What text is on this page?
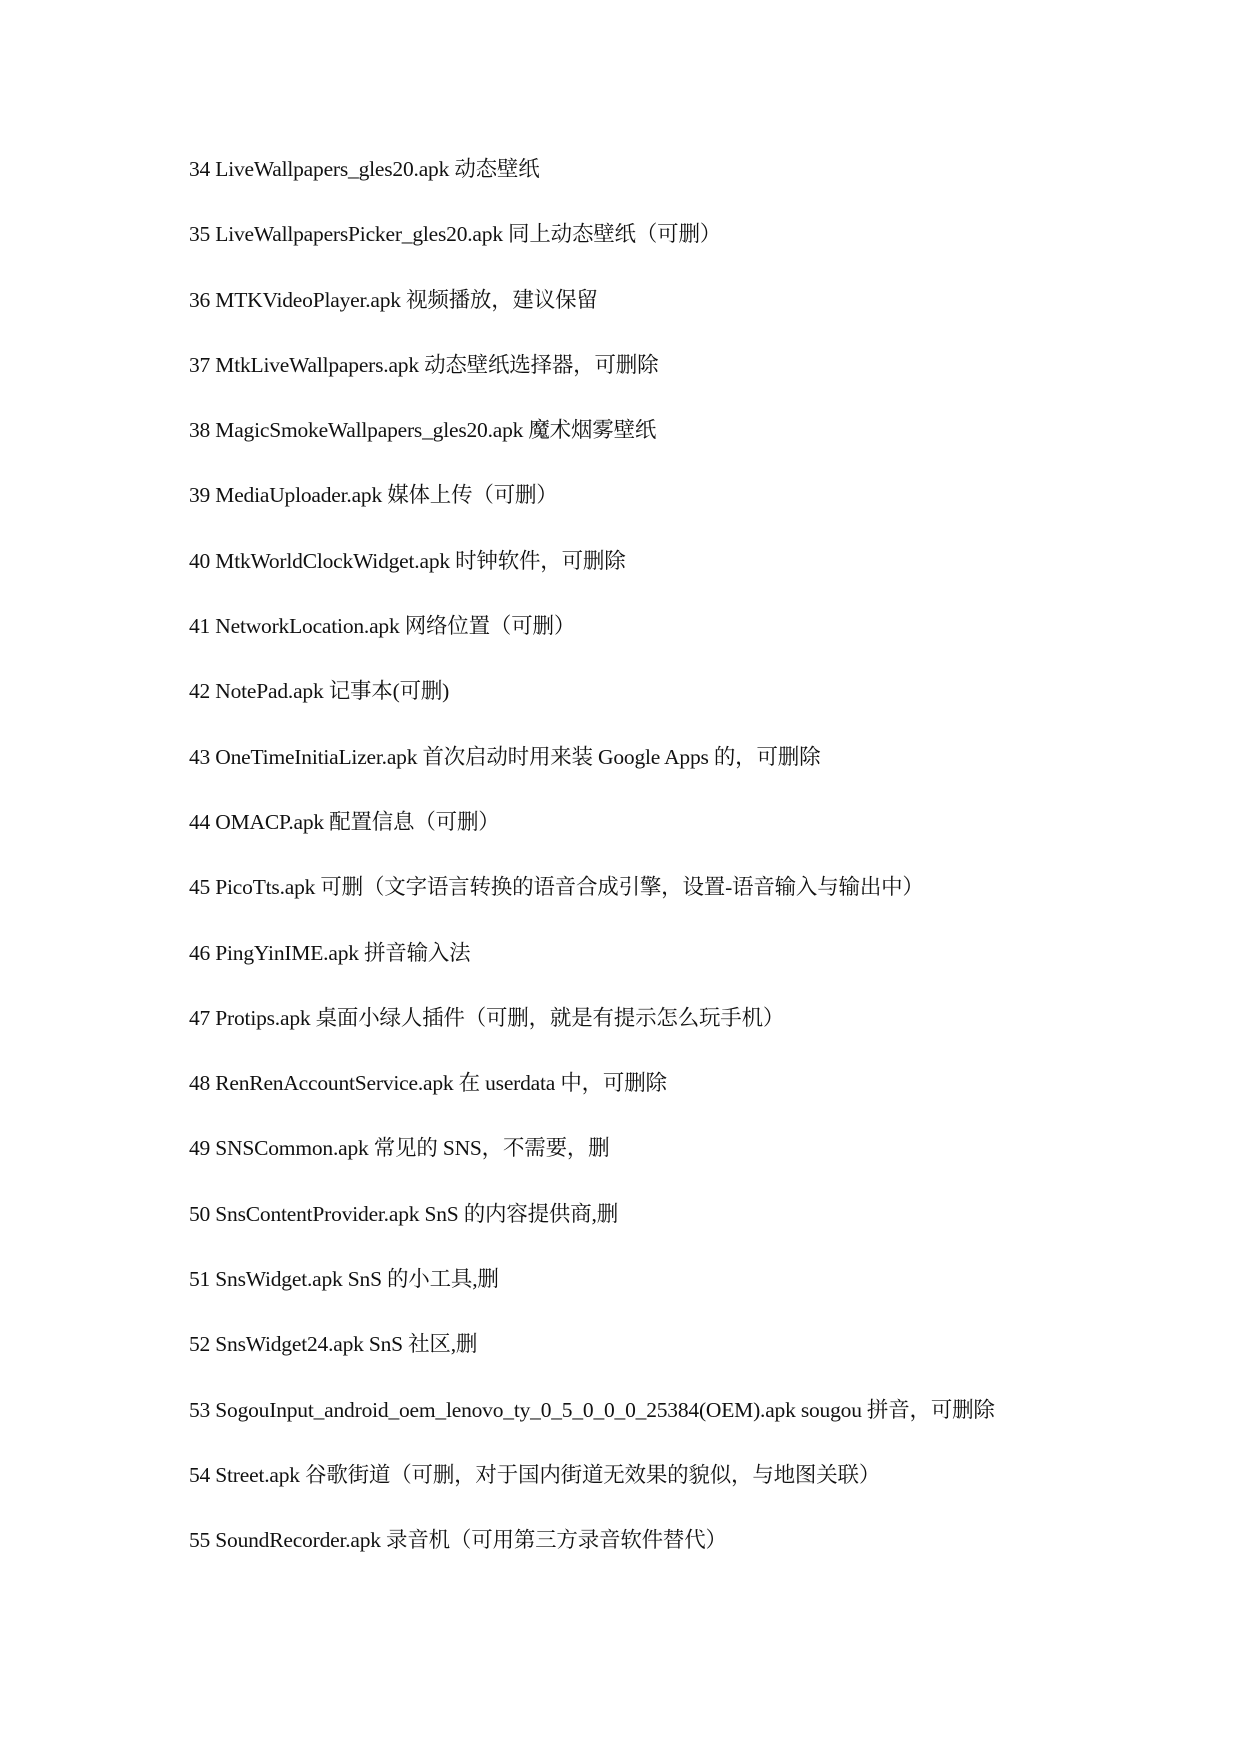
34 LiveWallpapers_gles20.apk 动态壁纸
35 LiveWallpapersPicker_gles20.apk 同上动态壁纸（可删）
36 MTKVideoPlayer.apk 视频播放，建议保留
37 MtkLiveWallpapers.apk 动态壁纸选择器，可删除
38 MagicSmokeWallpapers_gles20.apk 魔术烟雾壁纸
39 MediaUploader.apk 媒体上传（可删）
40 MtkWorldClockWidget.apk 时钟软件，可删除
41 NetworkLocation.apk 网络位置（可删）
42 NotePad.apk 记事本(可删)
43 OneTimeInitiaLizer.apk 首次启动时用来装 Google Apps 的，可删除
44 OMACP.apk 配置信息（可删）
45 PicoTts.apk 可删（文字语言转换的语音合成引擎，设置-语音输入与输出中）
46 PingYinIME.apk 拼音输入法
47 Protips.apk 桌面小绿人插件（可删，就是有提示怎么玩手机）
48 RenRenAccountService.apk 在 userdata 中，可删除
49 SNSCommon.apk 常见的 SNS，不需要，删
50 SnsContentProvider.apk SnS 的内容提供商,删
51 SnsWidget.apk SnS 的小工具,删
52 SnsWidget24.apk SnS 社区,删
53 SogouInput_android_oem_lenovo_ty_0_5_0_0_0_25384(OEM).apk sougou 拼音，可删除
54 Street.apk 谷歌街道（可删，对于国内街道无效果的貌似，与地图关联）
55 SoundRecorder.apk 录音机（可用第三方录音软件替代）
